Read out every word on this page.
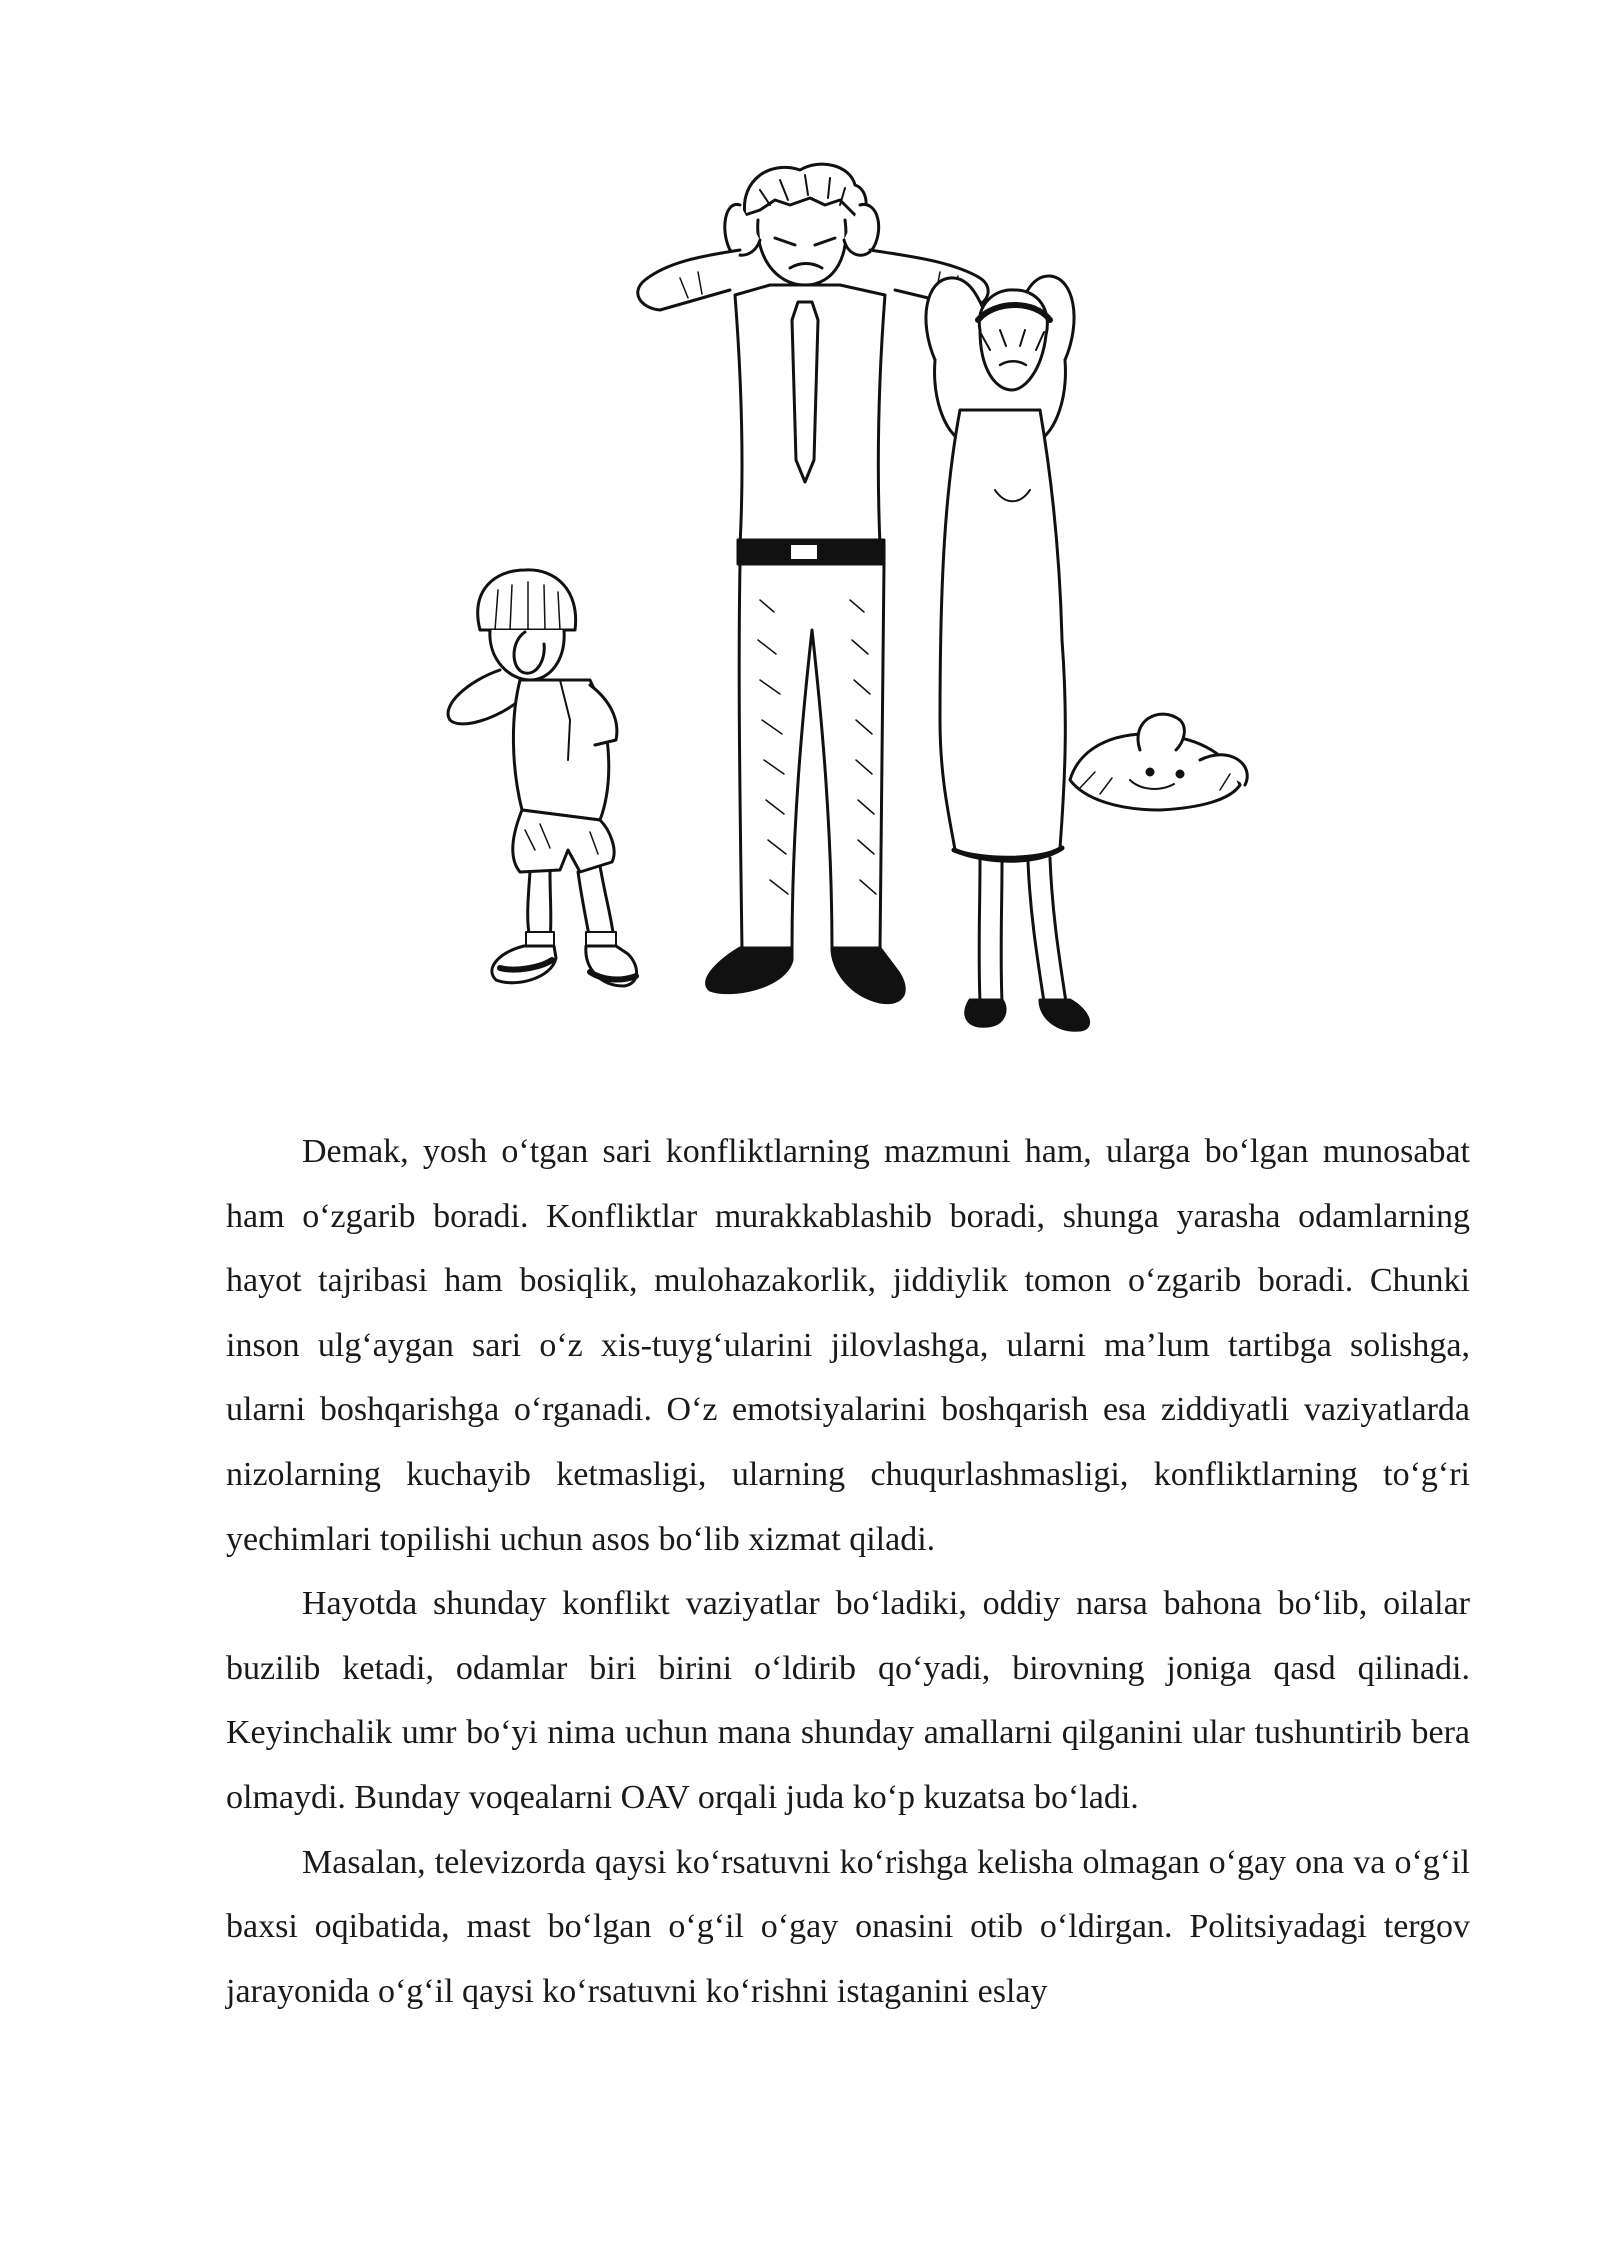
Demak, yosh o‘tgan sari konfliktlarning mazmuni ham, ularga bo‘lgan munosabat ham o‘zgarib boradi. Konfliktlar murakkablashib boradi, shunga yarasha odamlarning hayot tajribasi ham bosiqlik, mulohazakorlik, jiddiylik tomon o‘zgarib boradi. Chunki inson ulg‘aygan sari o‘z xis-tuyg‘ularini jilovlashga, ularni ma’lum tartibga solishga, ularni boshqarishga o‘rganadi. O‘z emotsiyalarini boshqarish esa ziddiyatli vaziyatlarda nizolarning kuchayib ketmasligi, ularning chuqurlashmasligi, konfliktlarning to‘g‘ri yechimlari topilishi uchun asos bo‘lib xizmat qiladi.

Hayotda shunday konflikt vaziyatlar bo‘ladiki, oddiy narsa bahona bo‘lib, oilalar buzilib ketadi, odamlar biri birini o‘ldirib qo‘yadi, birovning joniga qasd qilinadi. Keyinchalik umr bo‘yi nima uchun mana shunday amallarni qilganini ular tushuntirib bera olmaydi. Bunday voqealarni OAV orqali juda ko‘p kuzatsa bo‘ladi.

Masalan, televizorda qaysi ko‘rsatuvni ko‘rishga kelisha olmagan o‘gay ona va o‘g‘il baxsi oqibatida, mast bo‘lgan o‘g‘il o‘gay onasini otib o‘ldirgan. Politsiyadagi tergov jarayonida o‘g‘il qaysi ko‘rsatuvni ko‘rishni istaganini eslay
